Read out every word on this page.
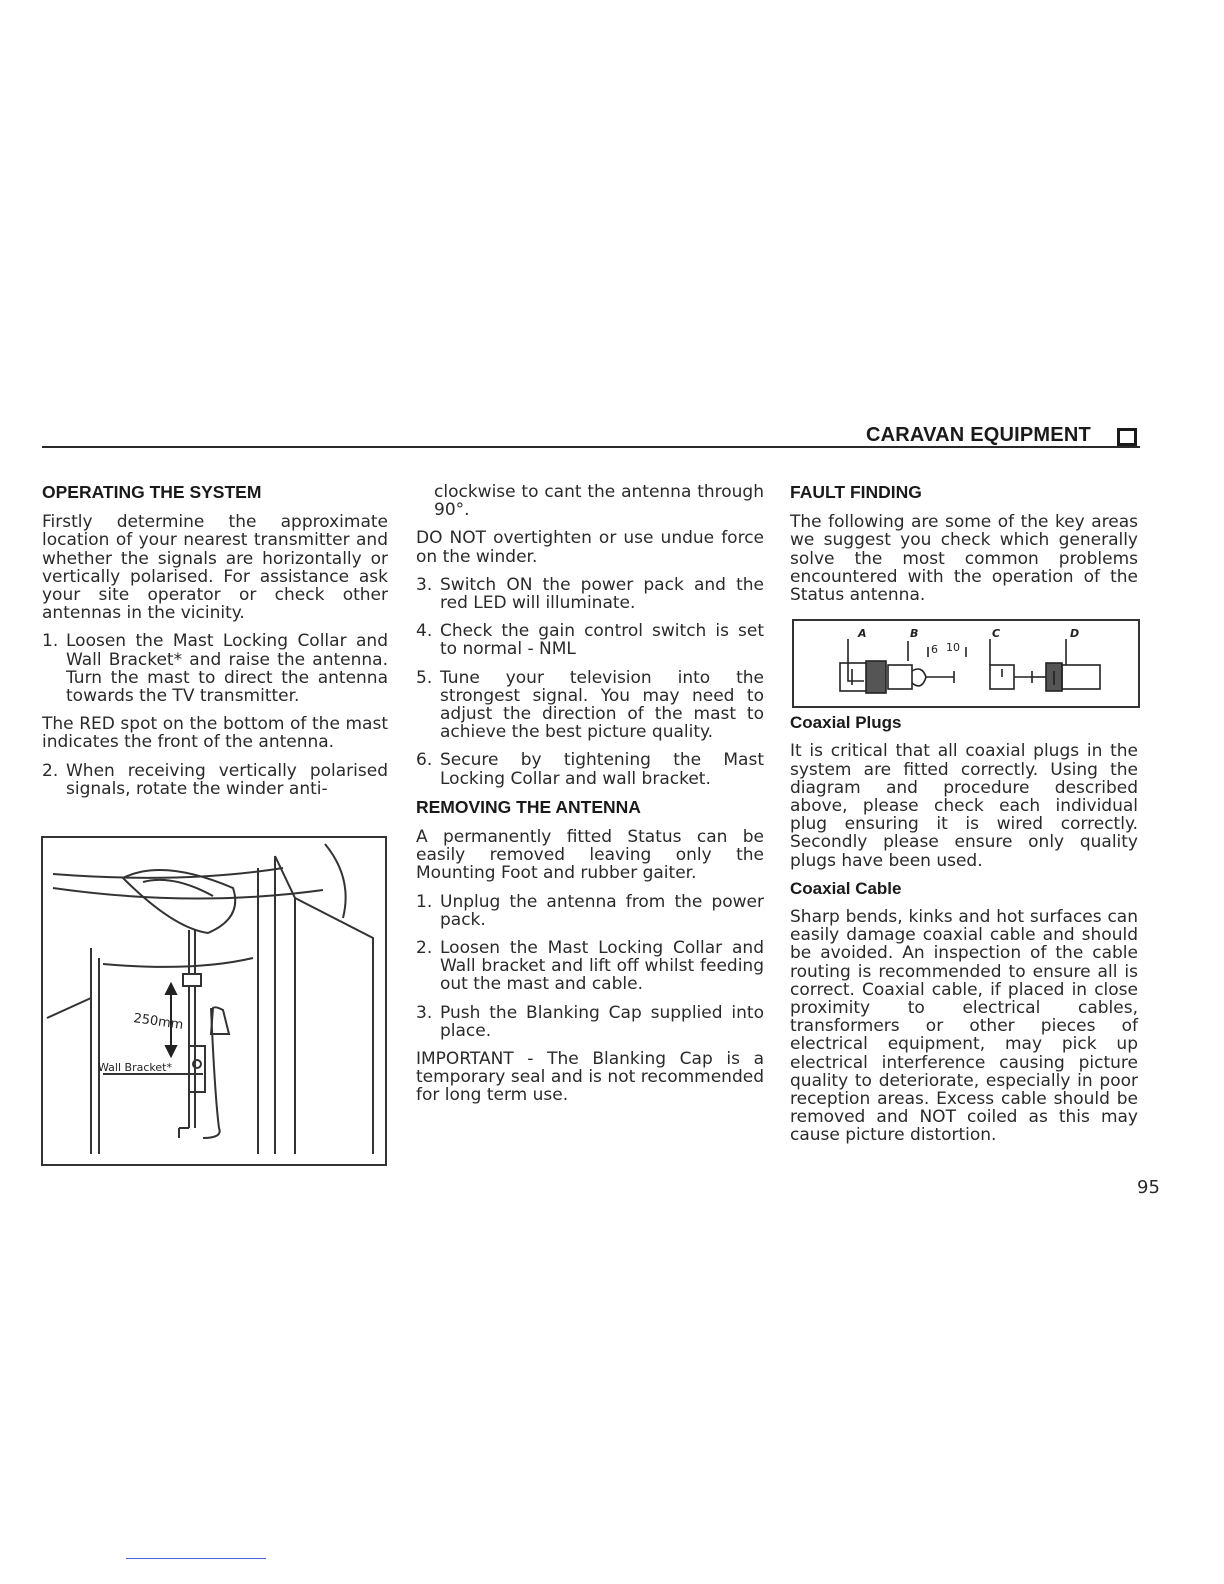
CARAVAN EQUIPMENT
OPERATING THE SYSTEM

Firstly determine the approximate location of your nearest transmitter and whether the signals are horizontally or vertically polarised. For assistance ask your site operator or check other antennas in the vicinity.

1. Loosen the Mast Locking Collar and Wall Bracket* and raise the antenna. Turn the mast to direct the antenna towards the TV transmitter.

The RED spot on the bottom of the mast indicates the front of the antenna.

2. When receiving vertically polarised signals, rotate the winder anti-
250mm
Wall Bracket*

clockwise to cant the antenna through 90°.

DO NOT overtighten or use undue force on the winder.

3. Switch ON the power pack and the red LED will illuminate.
4. Check the gain control switch is set to normal - NML
5. Tune your television into the strongest signal. You may need to adjust the direction of the mast to achieve the best picture quality.
6. Secure by tightening the Mast Locking Collar and wall bracket.
REMOVING THE ANTENNA

A permanently fitted Status can be easily removed leaving only the Mounting Foot and rubber gaiter.

1. Unplug the antenna from the power pack.
2. Loosen the Mast Locking Collar and Wall bracket and lift off whilst feeding out the mast and cable.
3. Push the Blanking Cap supplied into place.

IMPORTANT - The Blanking Cap is a temporary seal and is not recommended for long term use.

FAULT FINDING

The following are some of the key areas we suggest you check which generally solve the most common problems encountered with the operation of the Status antenna.

Coaxial Plugs

It is critical that all coaxial plugs in the system are fitted correctly. Using the diagram and procedure described above, please check each individual plug ensuring it is wired correctly. Secondly please ensure only quality plugs have been used.

Coaxial Cable

Sharp bends, kinks and hot surfaces can easily damage coaxial cable and should be avoided. An inspection of the cable routing is recommended to ensure all is correct. Coaxial cable, if placed in close proximity to electrical cables, transformers or other pieces of electrical equipment, may pick up electrical interference causing picture quality to deteriorate, especially in poor reception areas. Excess cable should be removed and NOT coiled as this may cause picture distortion.

A	B	C	D
6 10
95
